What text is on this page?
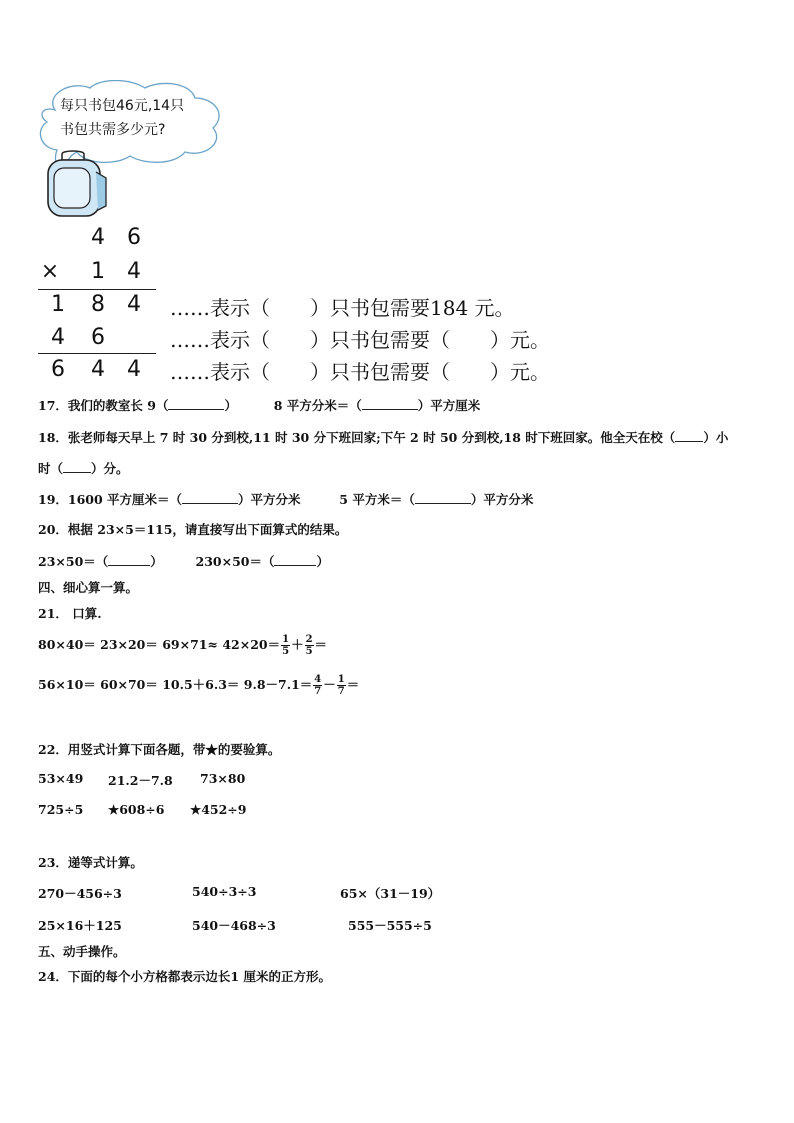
每只书包46元,14只
书包共需多少元?
4 6
× 1 4
1 8 4
4 6
6 4 4
……表示（　　）只书包需要184 元。
……表示（　　）只书包需要（　　）元。
……表示（　　）只书包需要（　　）元。
17．我们的教室长 9（	）	8 平方分米＝（	）平方厘米
18．张老师每天早上 7 时 30 分到校,11 时 30 分下班回家;下午 2 时 50 分到校,18 时下班回家。他全天在校（ ）小
时（ ）分。
19．1600 平方厘米＝（	）平方分米	5 平方米＝（	）平方分米
20．根据 23×5＝115，请直接写出下面算式的结果。
23×50＝（	）	230×50＝（	）
四、细心算一算。
21． 口算.
$80\times 40= 23\times 20= 69\times 71\approx 42\times 20= \frac{1}{5} + \frac{2}{5}$ ＝
$56\times 10= 60\times 70= 10.5+6.3= 9.8-7.1= \frac{4}{7} - \frac{1}{7}$ ＝
22．用竖式计算下面各题，带★的要验算。
53×49 21.2－7.8 73×80
725÷5 ★608÷6 ★452÷9
23．递等式计算。
270－456÷3	540÷3÷3	65×（31－19）
25×16＋125	540－468÷3	555－555÷5
五、动手操作。
24．下面的每个小方格都表示边长1 厘米的正方形。
